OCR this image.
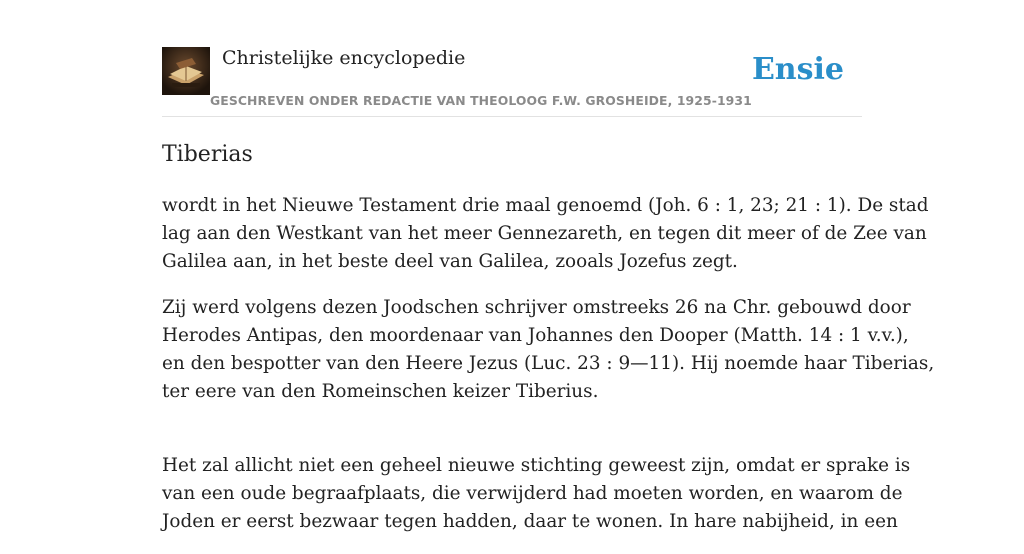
Christelijke encyclopedie
GESCHREVEN ONDER REDACTIE VAN THEOLOOG F.W. GROSHEIDE, 1925-1931
Ensie
Tiberias

wordt in het Nieuwe Testament drie maal genoemd (Joh. 6 : 1, 23; 21 : 1). De stad
lag aan den Westkant van het meer Gennezareth, en tegen dit meer of de Zee van
Galilea aan, in het beste deel van Galilea, zooals Jozefus zegt.

Zij werd volgens dezen Joodschen schrijver omstreeks 26 na Chr. gebouwd door
Herodes Antipas, den moordenaar van Johannes den Dooper (Matth. 14 : 1 v.v.),
en den bespotter van den Heere Jezus (Luc. 23 : 9—11). Hij noemde haar Tiberias,
ter eere van den Romeinschen keizer Tiberius.

Het zal allicht niet een geheel nieuwe stichting geweest zijn, omdat er sprake is
van een oude begraafplaats, die verwijderd had moeten worden, en waarom de
Joden er eerst bezwaar tegen hadden, daar te wonen. In hare nabijheid, in een
